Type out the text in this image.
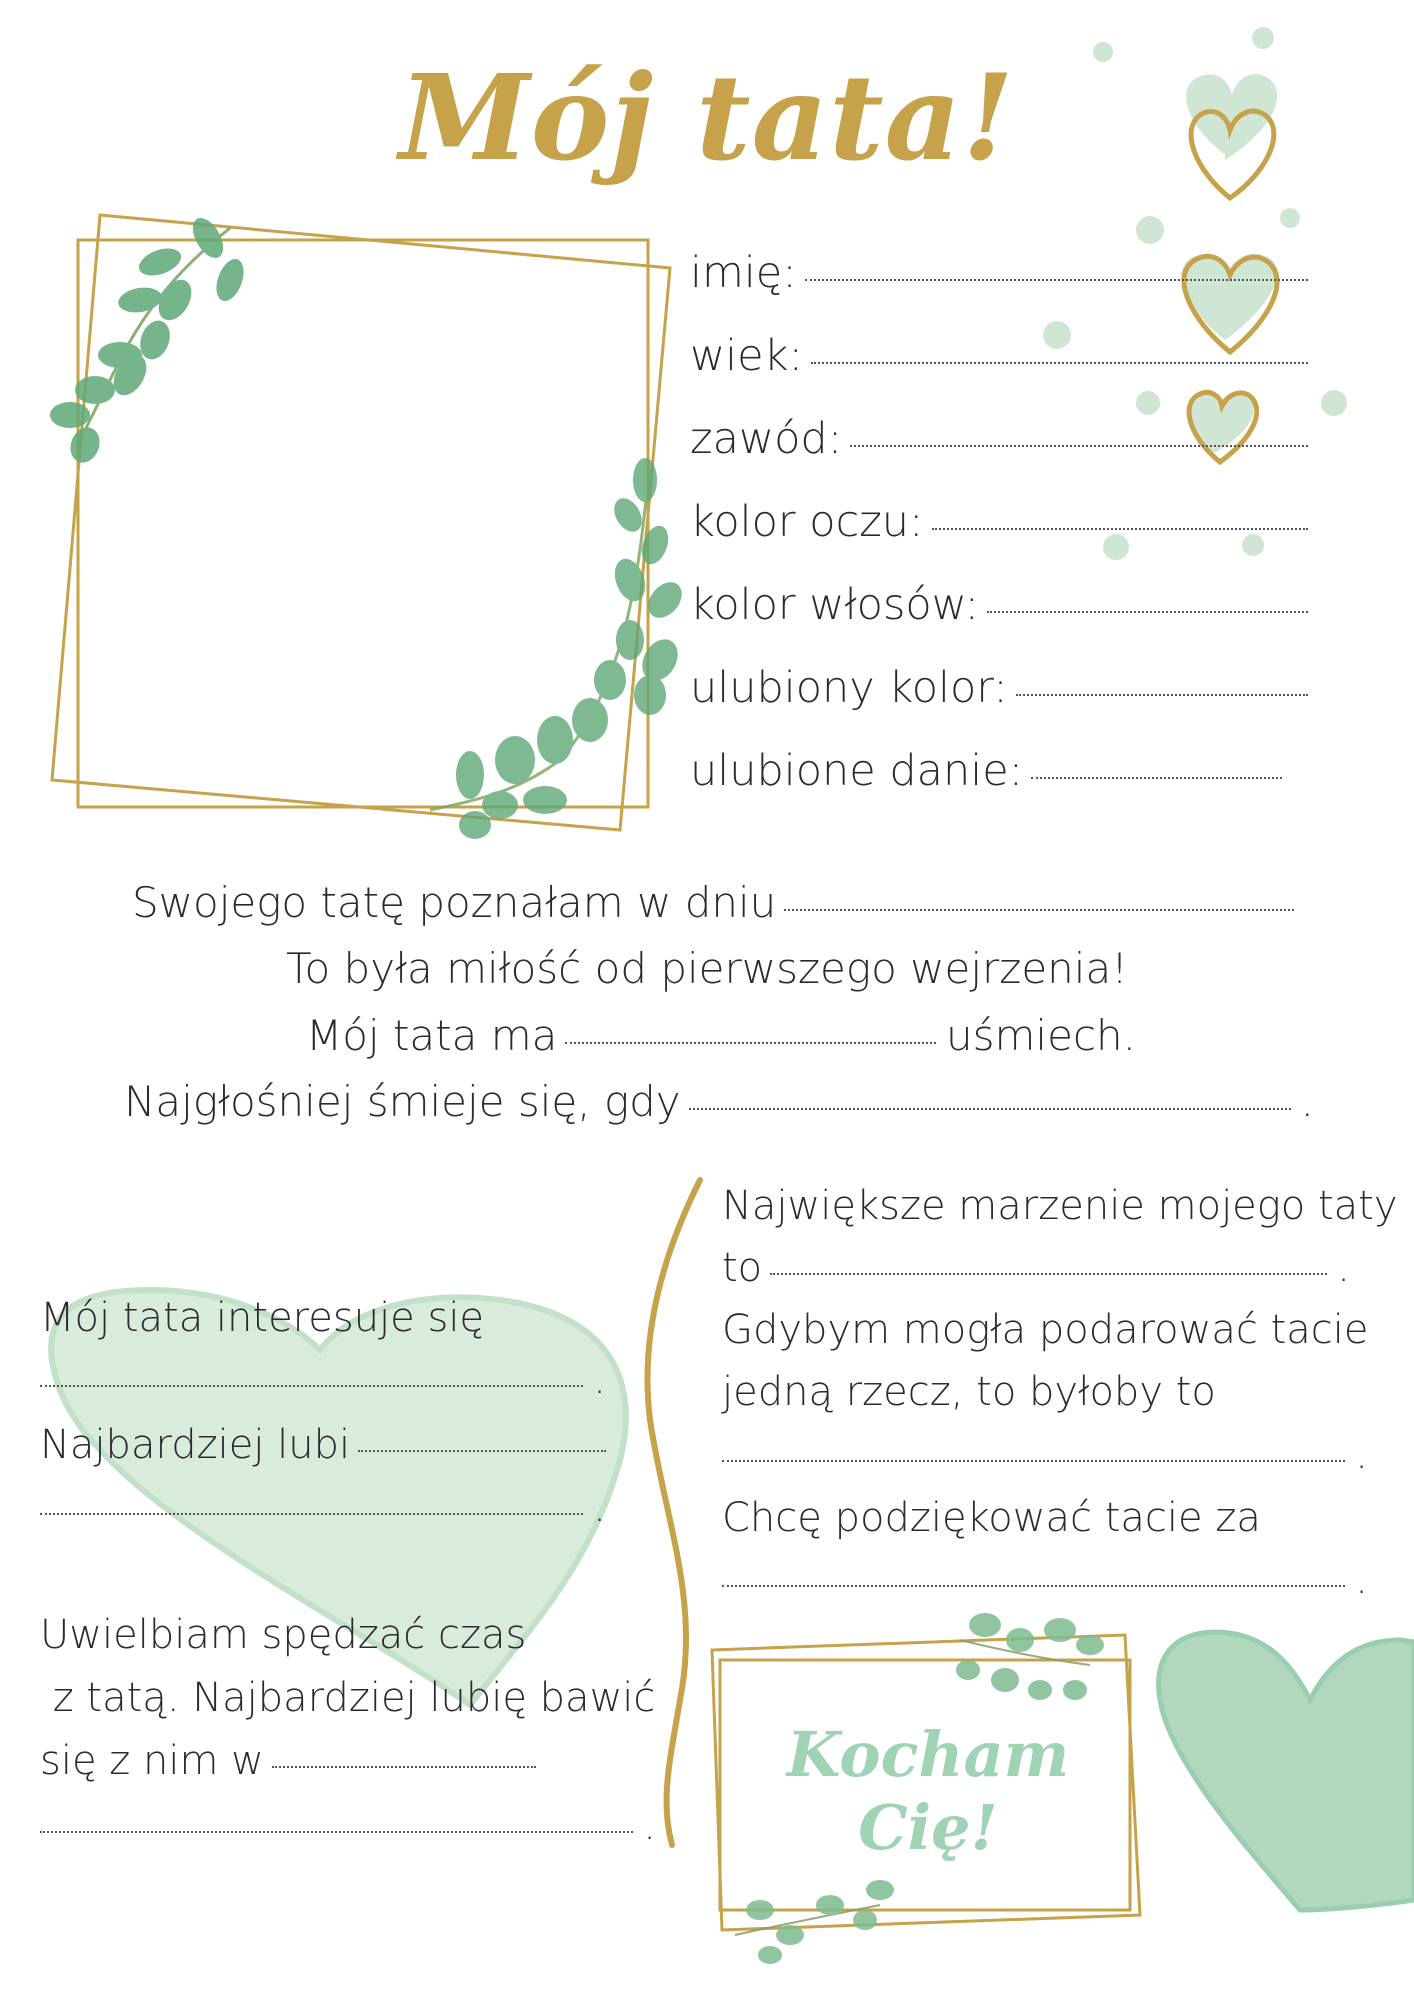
Mój tata!
imię:
wiek:
zawód:
kolor oczu:
kolor włosów:
ulubiony kolor:
ulubione danie:
Swojego tatę poznałam w dniu
To była miłość od pierwszego wejrzenia!
Mój tata ma	uśmiech.
Najgłośniej śmieje się, gdy	.
Mój tata interesuje się
.
Najbardziej lubi
.
Uwielbiam spędzać czas
z tatą. Najbardziej lubię bawić
się z nim w
.
Największe marzenie mojego taty
to	.
Gdybym mogła podarować tacie
jedną rzecz, to byłoby to
.
Chcę podziękować tacie za
.
Kocham Cię!
